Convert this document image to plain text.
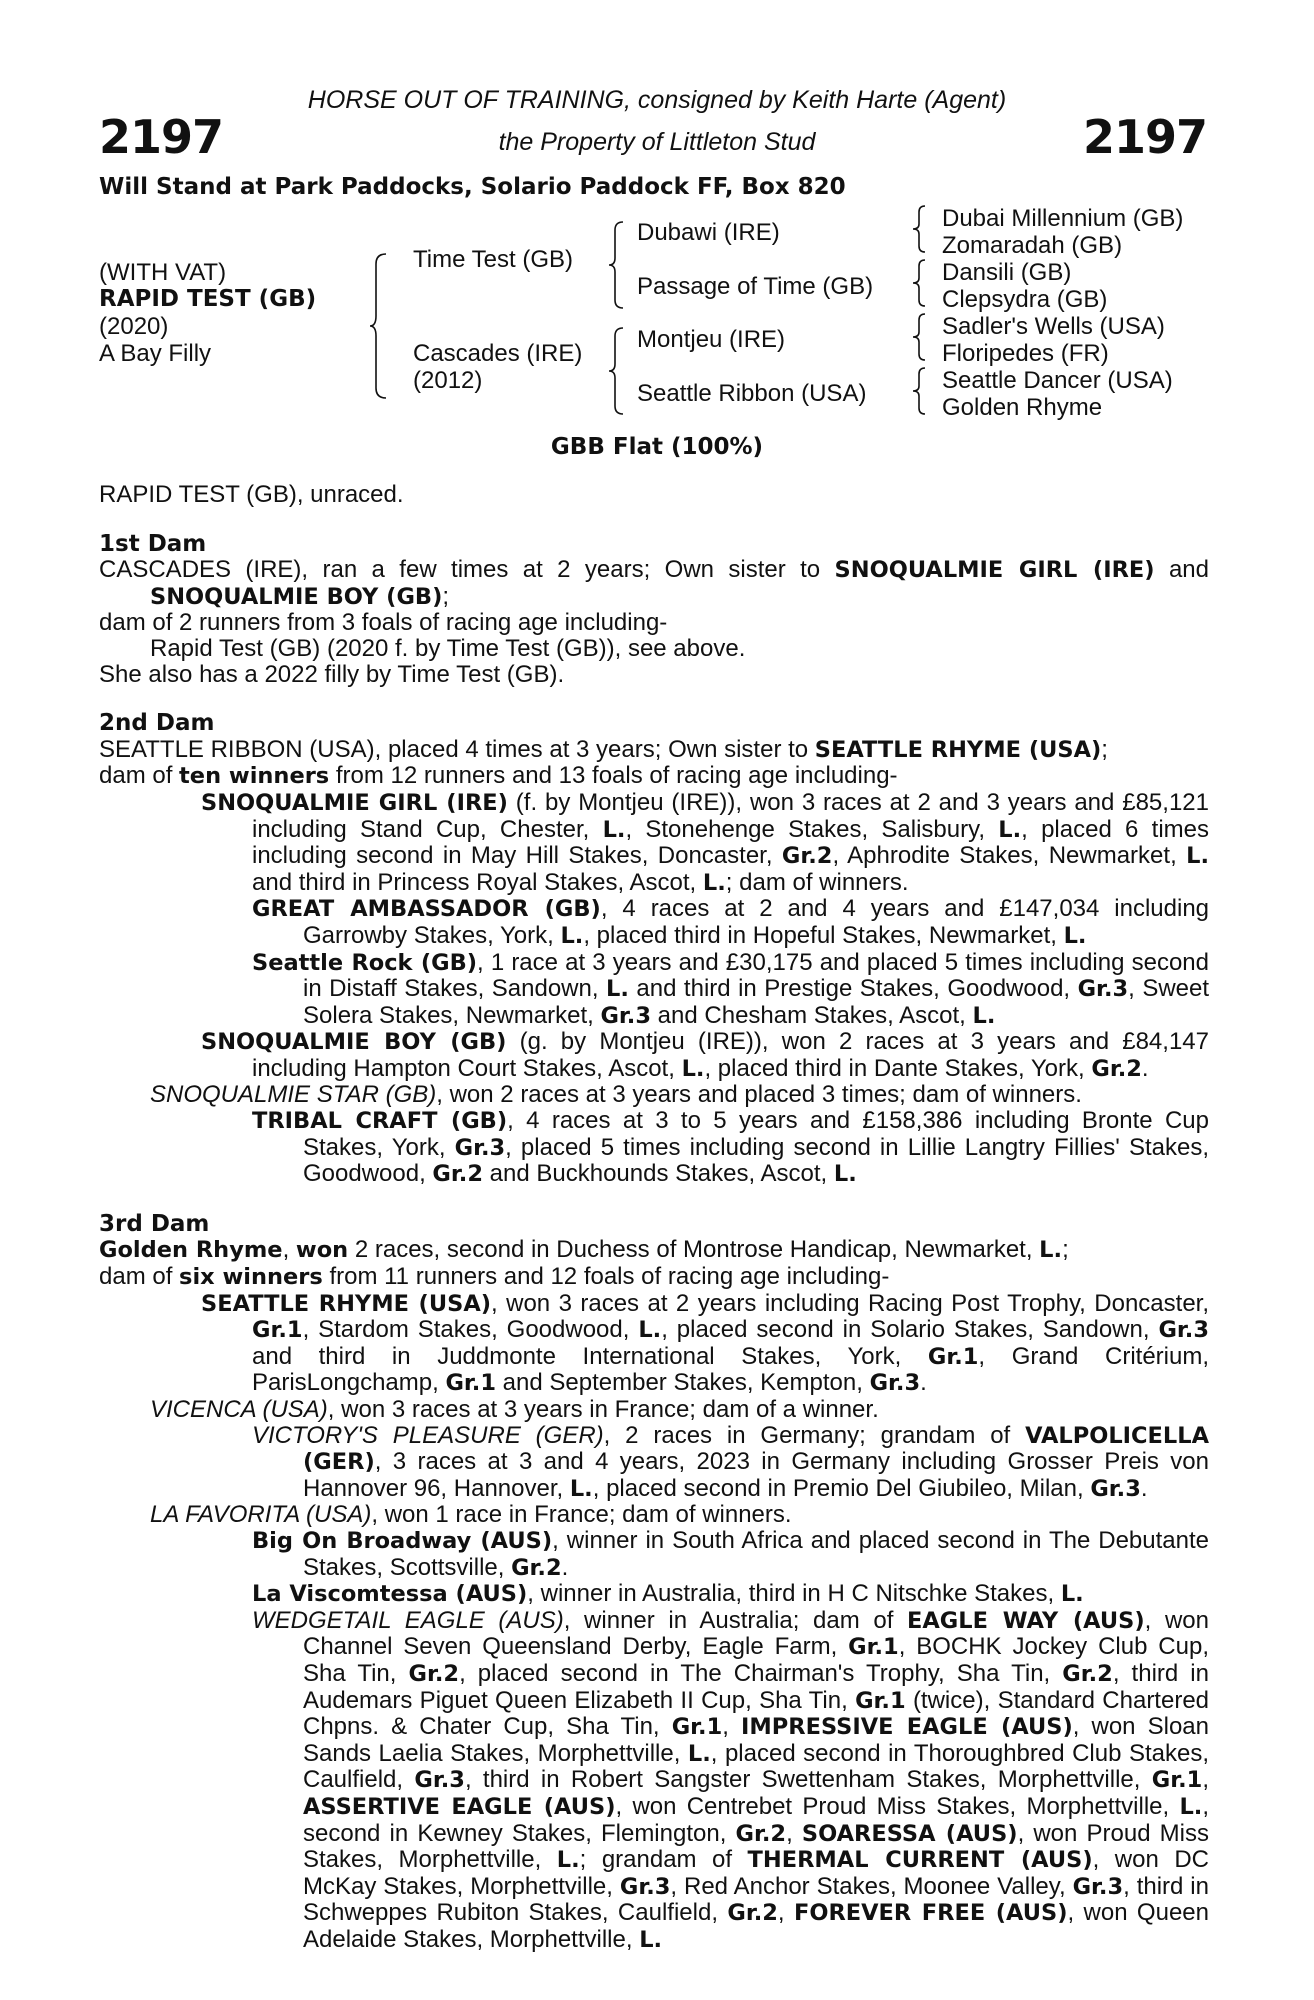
HORSE OUT OF TRAINING, consigned by Keith Harte (Agent)
the Property of Littleton Stud
2197	2197
Will Stand at Park Paddocks, Solario Paddock FF, Box 820
(WITH VAT)
RAPID TEST (GB)
(2020)
A Bay Filly
Time Test (GB)
Cascades (IRE)
(2012)
Dubawi (IRE)
Passage of Time (GB)
Montjeu (IRE)
Seattle Ribbon (USA)
Dubai Millennium (GB)
Zomaradah (GB)
Dansili (GB)
Clepsydra (GB)
Sadler's Wells (USA)
Floripedes (FR)
Seattle Dancer (USA)
Golden Rhyme
GBB Flat (100%)

RAPID TEST (GB), unraced.

1st Dam

CASCADES (IRE), ran a few times at 2 years; Own sister to SNOQUALMIE GIRL (IRE) and SNOQUALMIE BOY (GB);

dam of 2 runners from 3 foals of racing age including-

Rapid Test (GB) (2020 f. by Time Test (GB)), see above.

She also has a 2022 filly by Time Test (GB).

2nd Dam

SEATTLE RIBBON (USA), placed 4 times at 3 years; Own sister to SEATTLE RHYME (USA);

dam of ten winners from 12 runners and 13 foals of racing age including-

SNOQUALMIE GIRL (IRE) (f. by Montjeu (IRE)), won 3 races at 2 and 3 years and £85,121 including Stand Cup, Chester, L., Stonehenge Stakes, Salisbury, L., placed 6 times including second in May Hill Stakes, Doncaster, Gr.2, Aphrodite Stakes, Newmarket, L. and third in Princess Royal Stakes, Ascot, L.; dam of winners.

GREAT AMBASSADOR (GB), 4 races at 2 and 4 years and £147,034 including Garrowby Stakes, York, L., placed third in Hopeful Stakes, Newmarket, L.

Seattle Rock (GB), 1 race at 3 years and £30,175 and placed 5 times including second in Distaff Stakes, Sandown, L. and third in Prestige Stakes, Goodwood, Gr.3, Sweet Solera Stakes, Newmarket, Gr.3 and Chesham Stakes, Ascot, L.

SNOQUALMIE BOY (GB) (g. by Montjeu (IRE)), won 2 races at 3 years and £84,147 including Hampton Court Stakes, Ascot, L., placed third in Dante Stakes, York, Gr.2.

SNOQUALMIE STAR (GB), won 2 races at 3 years and placed 3 times; dam of winners.

TRIBAL CRAFT (GB), 4 races at 3 to 5 years and £158,386 including Bronte Cup Stakes, York, Gr.3, placed 5 times including second in Lillie Langtry Fillies' Stakes, Goodwood, Gr.2 and Buckhounds Stakes, Ascot, L.

3rd Dam

Golden Rhyme, won 2 races, second in Duchess of Montrose Handicap, Newmarket, L.;

dam of six winners from 11 runners and 12 foals of racing age including-

SEATTLE RHYME (USA), won 3 races at 2 years including Racing Post Trophy, Doncaster, Gr.1, Stardom Stakes, Goodwood, L., placed second in Solario Stakes, Sandown, Gr.3 and third in Juddmonte International Stakes, York, Gr.1, Grand Critérium, ParisLongchamp, Gr.1 and September Stakes, Kempton, Gr.3.

VICENCA (USA), won 3 races at 3 years in France; dam of a winner.

VICTORY'S PLEASURE (GER), 2 races in Germany; grandam of VALPOLICELLA (GER), 3 races at 3 and 4 years, 2023 in Germany including Grosser Preis von Hannover 96, Hannover, L., placed second in Premio Del Giubileo, Milan, Gr.3.

LA FAVORITA (USA), won 1 race in France; dam of winners.

Big On Broadway (AUS), winner in South Africa and placed second in The Debutante Stakes, Scottsville, Gr.2.

La Viscomtessa (AUS), winner in Australia, third in H C Nitschke Stakes, L.

WEDGETAIL EAGLE (AUS), winner in Australia; dam of EAGLE WAY (AUS), won Channel Seven Queensland Derby, Eagle Farm, Gr.1, BOCHK Jockey Club Cup, Sha Tin, Gr.2, placed second in The Chairman's Trophy, Sha Tin, Gr.2, third in Audemars Piguet Queen Elizabeth II Cup, Sha Tin, Gr.1 (twice), Standard Chartered Chpns. & Chater Cup, Sha Tin, Gr.1, IMPRESSIVE EAGLE (AUS), won Sloan Sands Laelia Stakes, Morphettville, L., placed second in Thoroughbred Club Stakes, Caulfield, Gr.3, third in Robert Sangster Swettenham Stakes, Morphettville, Gr.1, ASSERTIVE EAGLE (AUS), won Centrebet Proud Miss Stakes, Morphettville, L., second in Kewney Stakes, Flemington, Gr.2, SOARESSA (AUS), won Proud Miss Stakes, Morphettville, L.; grandam of THERMAL CURRENT (AUS), won DC McKay Stakes, Morphettville, Gr.3, Red Anchor Stakes, Moonee Valley, Gr.3, third in Schweppes Rubiton Stakes, Caulfield, Gr.2, FOREVER FREE (AUS), won Queen Adelaide Stakes, Morphettville, L.
